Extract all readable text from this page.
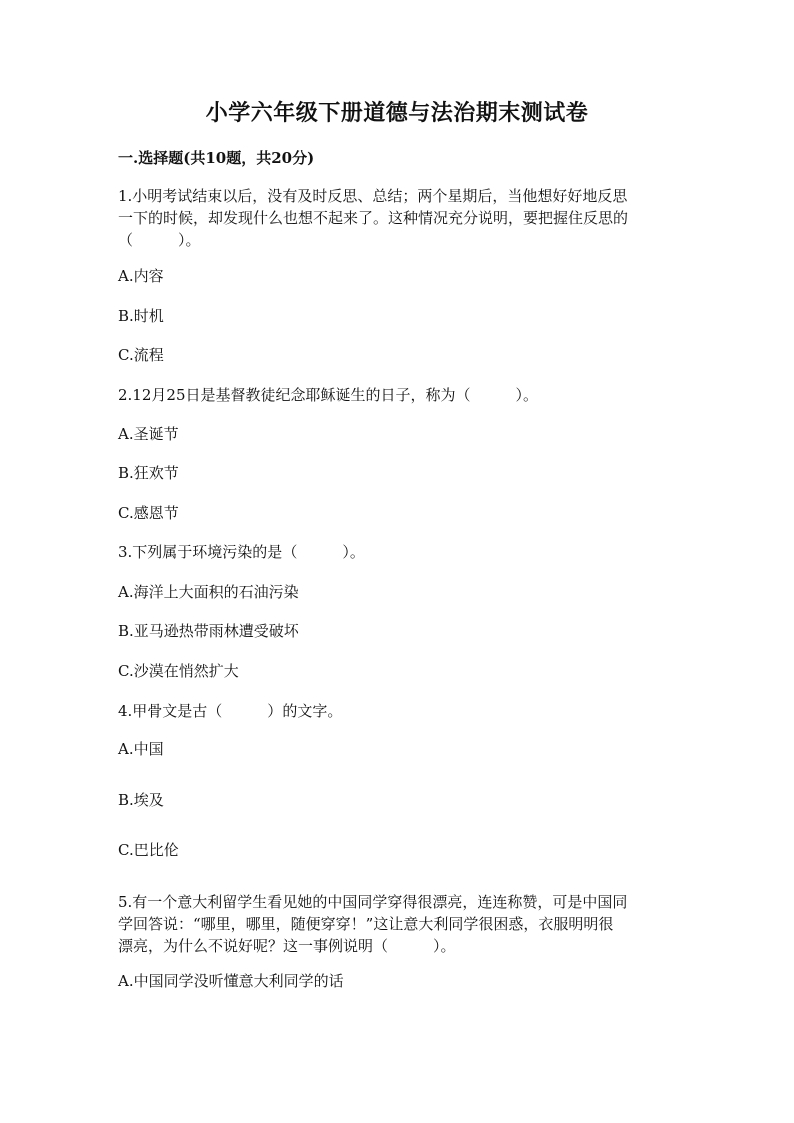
小学六年级下册道德与法治期末测试卷
一.选择题(共10题，共20分)
1.小明考试结束以后，没有及时反思、总结；两个星期后，当他想好好地反思
一下的时候，却发现什么也想不起来了。这种情况充分说明，要把握住反思的
（　　　）。
A.内容
B.时机
C.流程
2.12月25日是基督教徒纪念耶稣诞生的日子，称为（　　　）。
A.圣诞节
B.狂欢节
C.感恩节
3.下列属于环境污染的是（　　　）。
A.海洋上大面积的石油污染
B.亚马逊热带雨林遭受破坏
C.沙漠在悄然扩大
4.甲骨文是古（　　　）的文字。
A.中国
B.埃及
C.巴比伦
5.有一个意大利留学生看见她的中国同学穿得很漂亮，连连称赞，可是中国同
学回答说：“哪里，哪里，随便穿穿！”这让意大利同学很困惑，衣服明明很
漂亮，为什么不说好呢？这一事例说明（　　　）。
A.中国同学没听懂意大利同学的话
